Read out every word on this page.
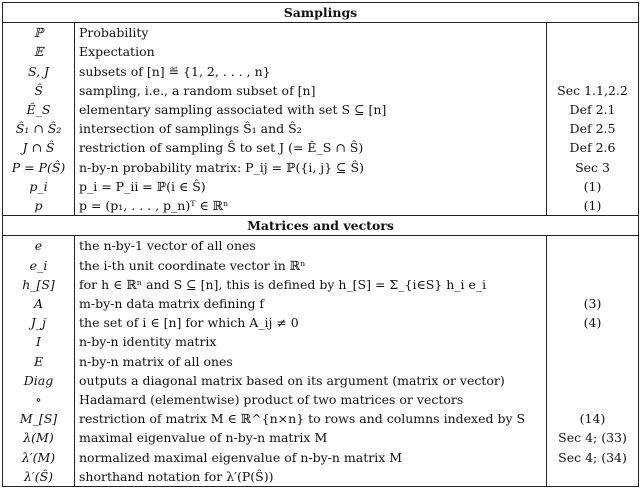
Samplings		
ℙ	Probability	
𝔼	Expectation	
S, J	subsets of [n] ≝ {1, 2, . . . , n}	
Ŝ	sampling, i.e., a random subset of [n]	Sec 1.1,2.2
Ê_S	elementary sampling associated with set S ⊆ [n]	Def 2.1
Ŝ₁ ∩ Ŝ₂	intersection of samplings Ŝ₁ and Ŝ₂	Def 2.5
J ∩ Ŝ	restriction of sampling Ŝ to set J (= Ê_S ∩ Ŝ)	Def 2.6
P = P(Ŝ)	n-by-n probability matrix: P_ij = ℙ({i, j} ⊆ Ŝ)	Sec 3
p_i	p_i = P_ii = ℙ(i ∈ Ŝ)	(1)
p	p = (p₁, . . . , p_n)ᵀ ∈ ℝⁿ	(1)
Matrices and vectors		
e	the n-by-1 vector of all ones	
e_i	the i-th unit coordinate vector in ℝⁿ	
h_[S]	for h ∈ ℝⁿ and S ⊆ [n], this is defined by h_[S] = Σ_{i∈S} h_i e_i	
A	m-by-n data matrix defining f	(3)
J_j	the set of i ∈ [n] for which A_ij ≠ 0	(4)
I	n-by-n identity matrix	
E	n-by-n matrix of all ones	
Diag	outputs a diagonal matrix based on its argument (matrix or vector)	
∘	Hadamard (elementwise) product of two matrices or vectors	
M_[S]	restriction of matrix M ∈ ℝ^{n×n} to rows and columns indexed by S	(14)
λ(M)	maximal eigenvalue of n-by-n matrix M	Sec 4; (33)
λ′(M)	normalized maximal eigenvalue of n-by-n matrix M	Sec 4; (34)
λ′(Ŝ)	shorthand notation for λ′(P(Ŝ))	
